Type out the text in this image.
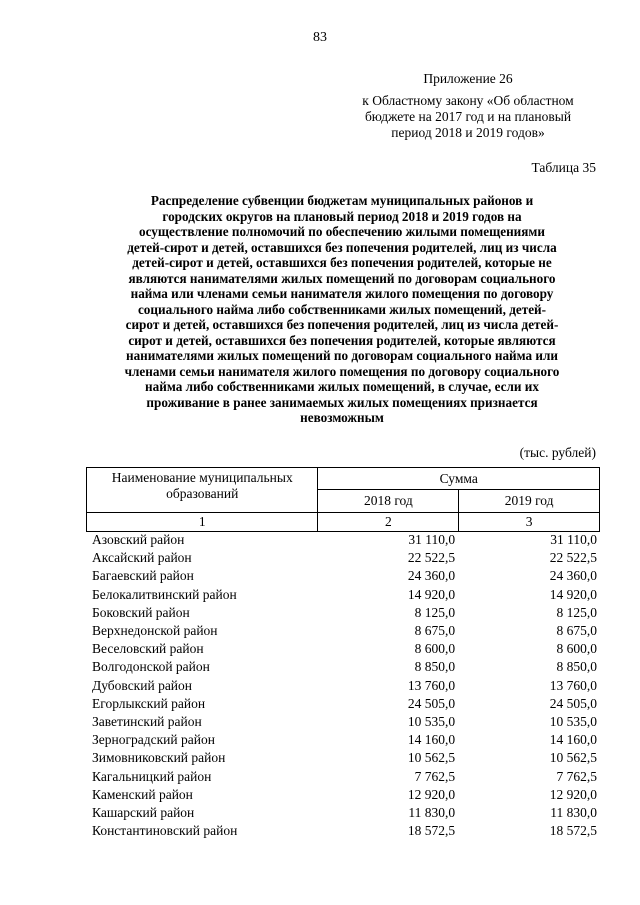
83
Приложение 26
к Областному закону «Об областном
бюджете на 2017 год и на плановый
период 2018 и 2019 годов»
Таблица 35
Распределение субвенции бюджетам муниципальных районов и
городских округов на плановый период 2018 и 2019 годов на
осуществление полномочий по обеспечению жилыми помещениями
детей-сирот и детей, оставшихся без попечения родителей, лиц из числа
детей-сирот и детей, оставшихся без попечения родителей, которые не
являются нанимателями жилых помещений по договорам социального
найма или членами семьи нанимателя жилого помещения по договору
социального найма либо собственниками жилых помещений, детей-
сирот и детей, оставшихся без попечения родителей, лиц из числа детей-
сирот и детей, оставшихся без попечения родителей, которые являются
нанимателями жилых помещений по договорам социального найма или
членами семьи нанимателя жилого помещения по договору социального
найма либо собственниками жилых помещений, в случае, если их
проживание в ранее занимаемых жилых помещениях признается
невозможным
(тыс. рублей)
Наименование муниципальных образований	Сумма	
	2018 год	2019 год
1	2	3
Азовский район	31 110,0	31 110,0
Аксайский район	22 522,5	22 522,5
Багаевский район	24 360,0	24 360,0
Белокалитвинский район	14 920,0	14 920,0
Боковский район	8 125,0	8 125,0
Верхнедонской район	8 675,0	8 675,0
Веселовский район	8 600,0	8 600,0
Волгодонской район	8 850,0	8 850,0
Дубовский район	13 760,0	13 760,0
Егорлыкский район	24 505,0	24 505,0
Заветинский район	10 535,0	10 535,0
Зерноградский район	14 160,0	14 160,0
Зимовниковский район	10 562,5	10 562,5
Кагальницкий район	7 762,5	7 762,5
Каменский район	12 920,0	12 920,0
Кашарский район	11 830,0	11 830,0
Константиновский район	18 572,5	18 572,5
